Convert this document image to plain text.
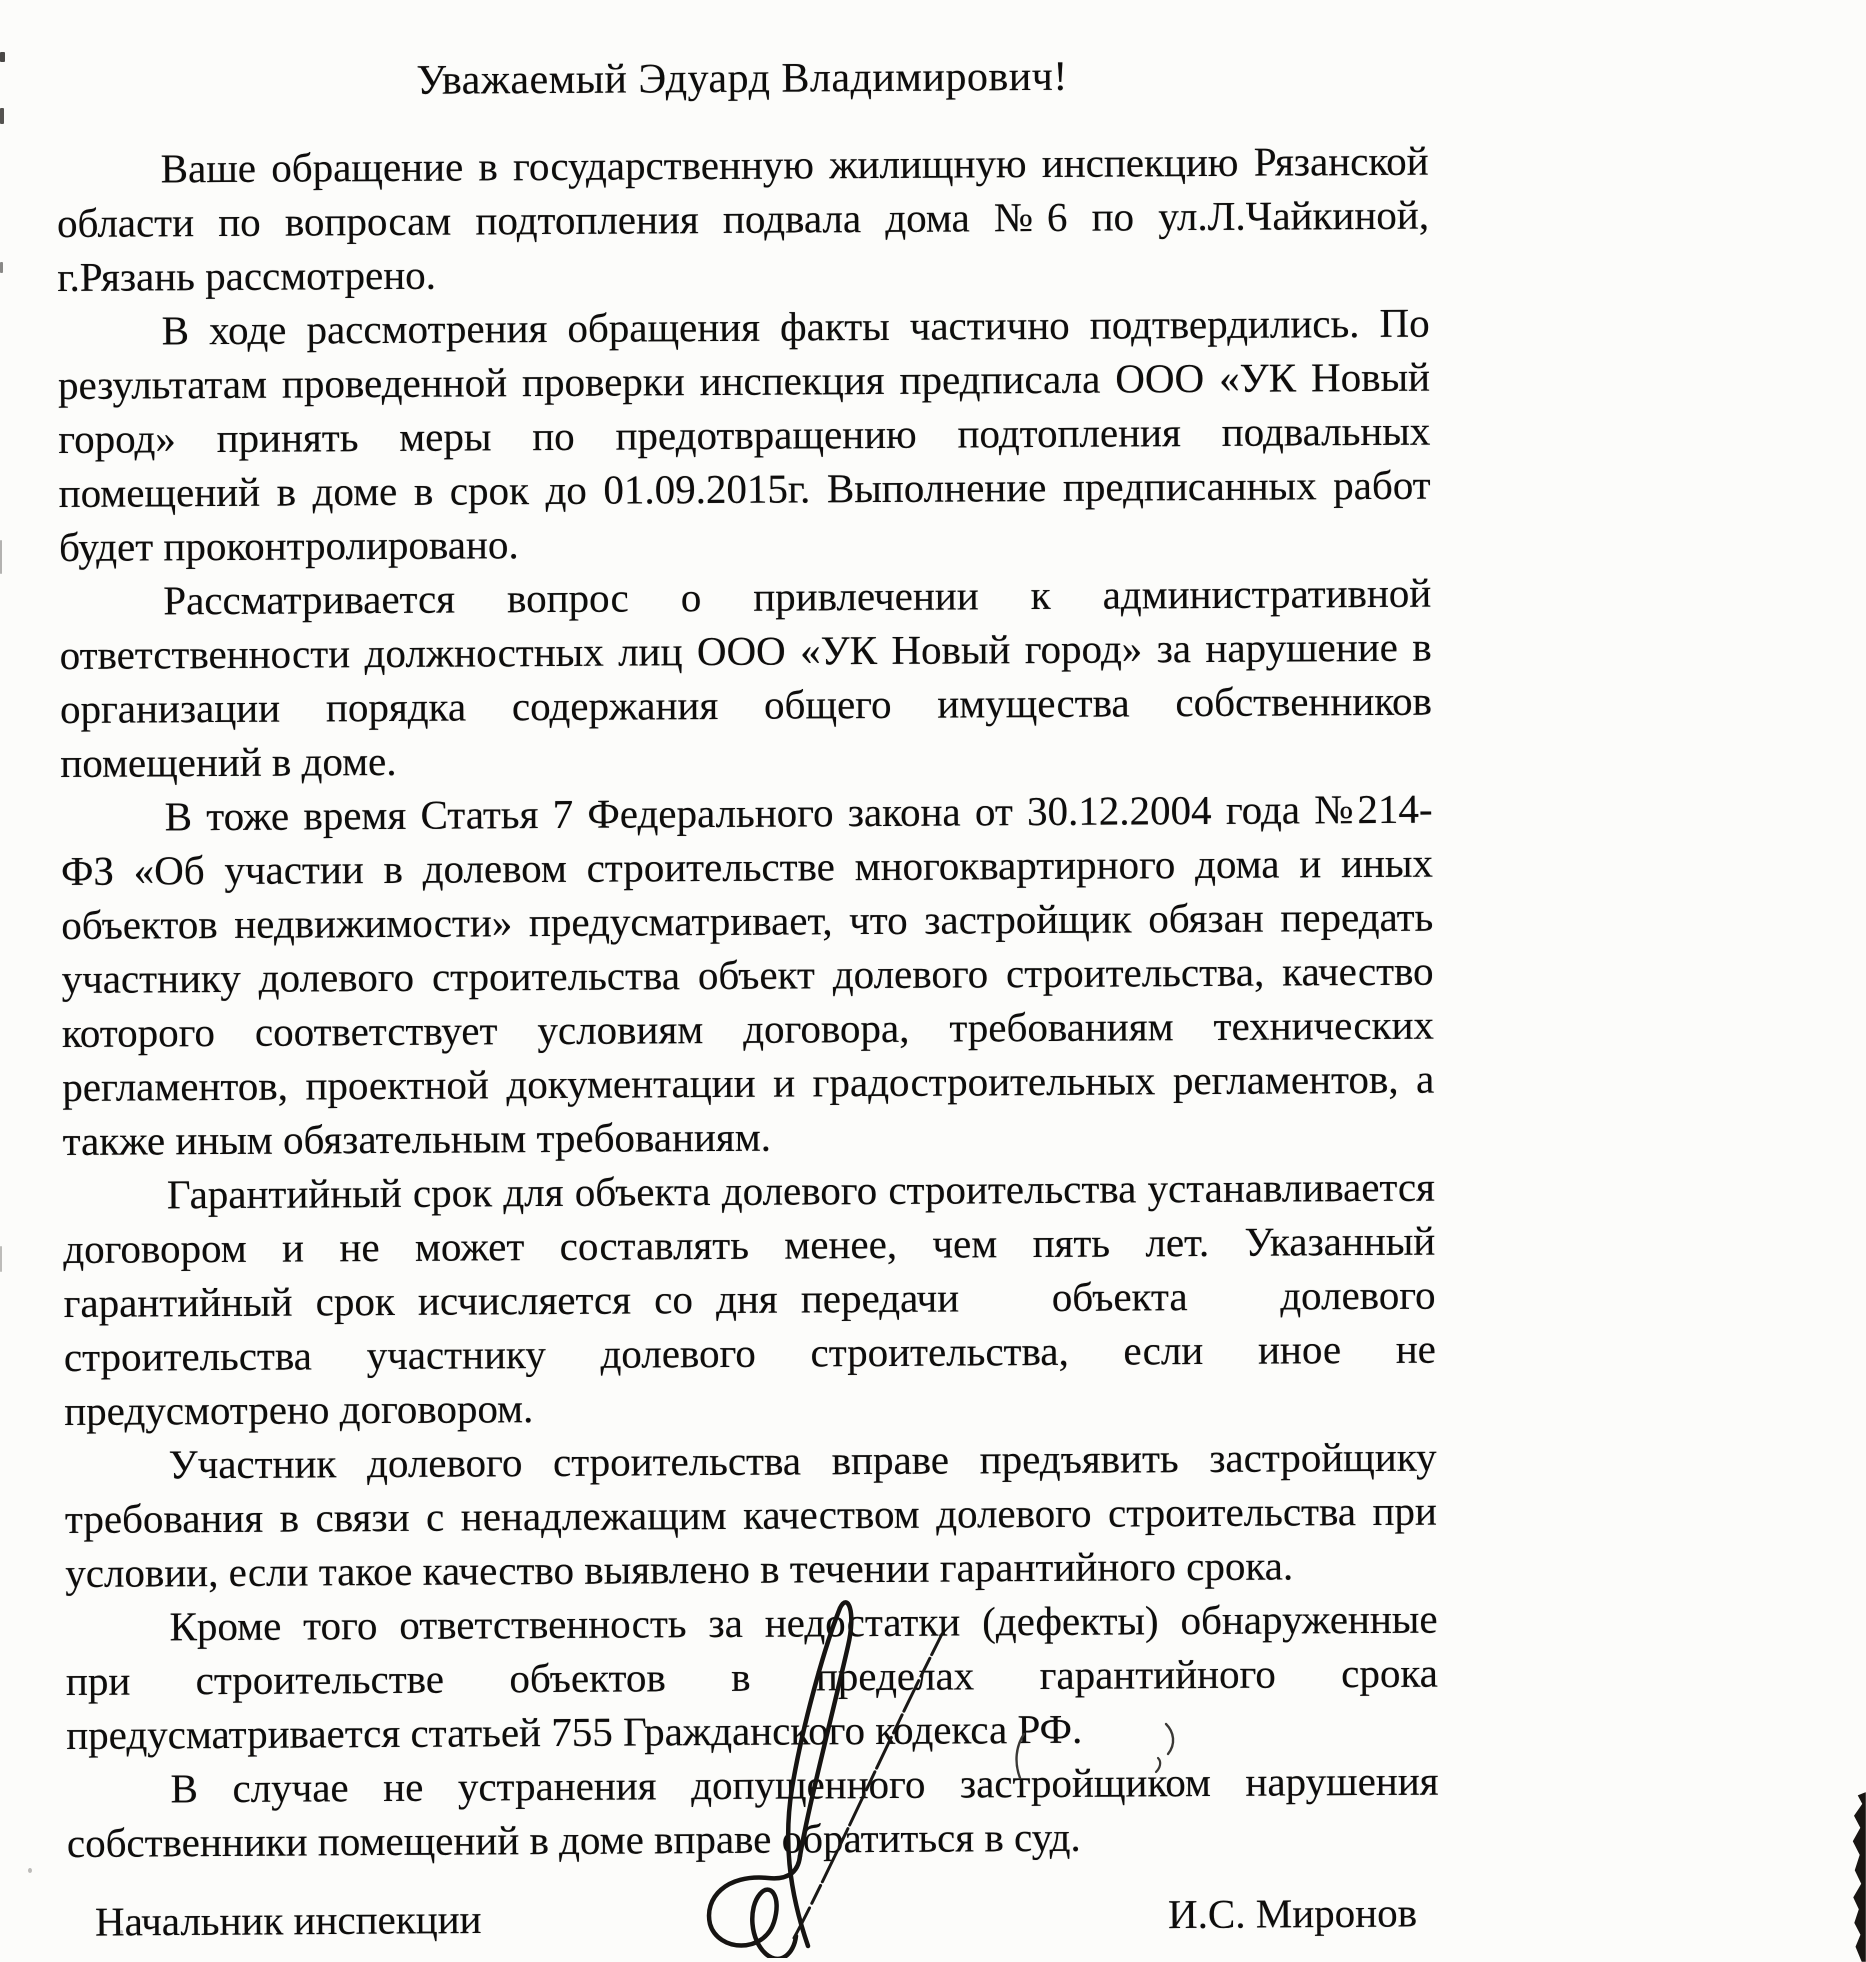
Уважаемый Эдуард Владимирович!

Ваше обращение в государственную жилищную инспекцию Рязанской области по вопросам подтопления подвала дома №6 по ул.Л.Чайкиной, г.Рязань рассмотрено.

В ходе рассмотрения обращения факты частично подтвердились. По результатам проведенной проверки инспекция предписала ООО «УК Новый город» принять меры по предотвращению подтопления подвальных помещений в доме в срок до 01.09.2015г. Выполнение предписанных работ будет проконтролировано.

Рассматривается вопрос о привлечении к административной ответственности должностных лиц ООО «УК Новый город» за нарушение в организации порядка содержания общего имущества собственников помещений в доме.

В тоже время Статья 7 Федерального закона от 30.12.2004 года №214-ФЗ «Об участии в долевом строительстве многоквартирного дома и иных объектов недвижимости» предусматривает, что застройщик обязан передать участнику долевого строительства объект долевого строительства, качество которого соответствует условиям договора, требованиям технических регламентов, проектной документации и градостроительных регламентов, а также иным обязательным требованиям.

Гарантийный срок для объекта долевого строительства устанавливается договором и не может составлять менее, чем пять лет. Указанный гарантийный срок исчисляется со дня передачи    объекта    долевого строительства участнику долевого строительства, если иное не предусмотрено договором.

Участник долевого строительства вправе предъявить застройщику требования в связи с ненадлежащим качеством долевого строительства при условии, если такое качество выявлено в течении гарантийного срока.

Кроме того ответственность за недостатки (дефекты) обнаруженные при строительстве объектов в пределах гарантийного срока предусматривается статьей 755 Гражданского кодекса РФ.

В случае не устранения допущенного застройщиком нарушения собственники помещений в доме вправе обратиться в суд.

Начальник инспекции	И.С. Миронов
